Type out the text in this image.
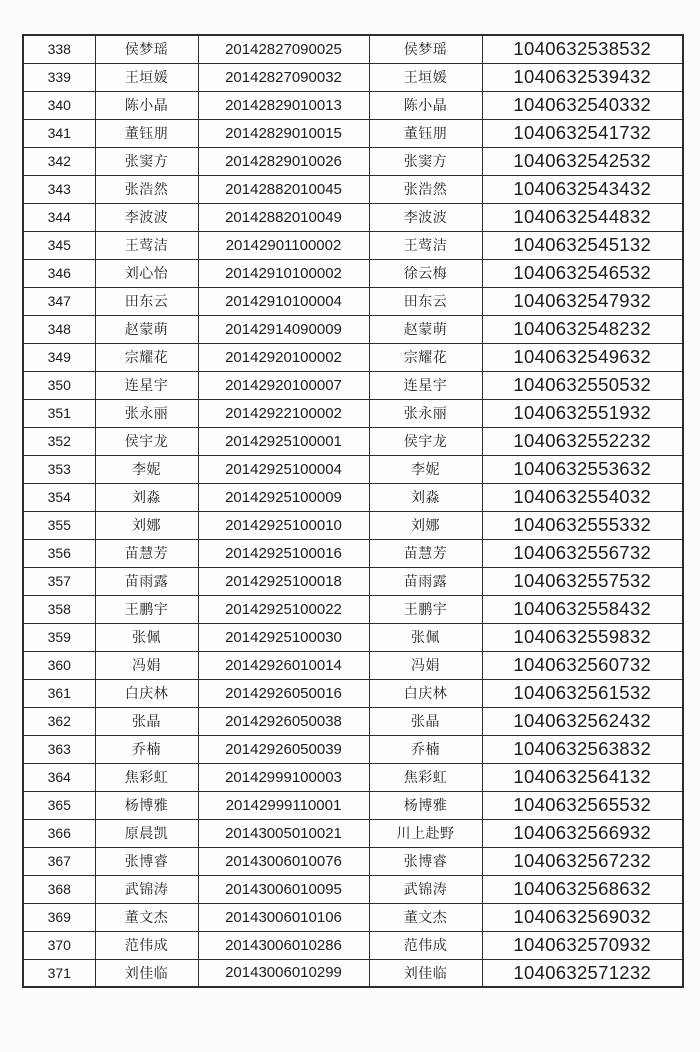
338	侯梦瑶	20142827090025	侯梦瑶	1040632538532
339	王垣媛	20142827090032	王垣媛	1040632539432
340	陈小晶	20142829010013	陈小晶	1040632540332
341	董钰朋	20142829010015	董钰朋	1040632541732
342	张窦方	20142829010026	张窦方	1040632542532
343	张浩然	20142882010045	张浩然	1040632543432
344	李波波	20142882010049	李波波	1040632544832
345	王莺洁	20142901100002	王莺洁	1040632545132
346	刘心怡	20142910100002	徐云梅	1040632546532
347	田东云	20142910100004	田东云	1040632547932
348	赵蒙萌	20142914090009	赵蒙萌	1040632548232
349	宗耀花	20142920100002	宗耀花	1040632549632
350	连星宇	20142920100007	连星宇	1040632550532
351	张永丽	20142922100002	张永丽	1040632551932
352	侯宇龙	20142925100001	侯宇龙	1040632552232
353	李妮	20142925100004	李妮	1040632553632
354	刘淼	20142925100009	刘淼	1040632554032
355	刘娜	20142925100010	刘娜	1040632555332
356	苗慧芳	20142925100016	苗慧芳	1040632556732
357	苗雨露	20142925100018	苗雨露	1040632557532
358	王鹏宇	20142925100022	王鹏宇	1040632558432
359	张佩	20142925100030	张佩	1040632559832
360	冯娟	20142926010014	冯娟	1040632560732
361	白庆林	20142926050016	白庆林	1040632561532
362	张晶	20142926050038	张晶	1040632562432
363	乔楠	20142926050039	乔楠	1040632563832
364	焦彩虹	20142999100003	焦彩虹	1040632564132
365	杨博雅	20142999110001	杨博雅	1040632565532
366	原晨凯	20143005010021	川上赴野	1040632566932
367	张博睿	20143006010076	张博睿	1040632567232
368	武锦涛	20143006010095	武锦涛	1040632568632
369	董文杰	20143006010106	董文杰	1040632569032
370	范伟成	20143006010286	范伟成	1040632570932
371	刘佳临	20143006010299	刘佳临	1040632571232
